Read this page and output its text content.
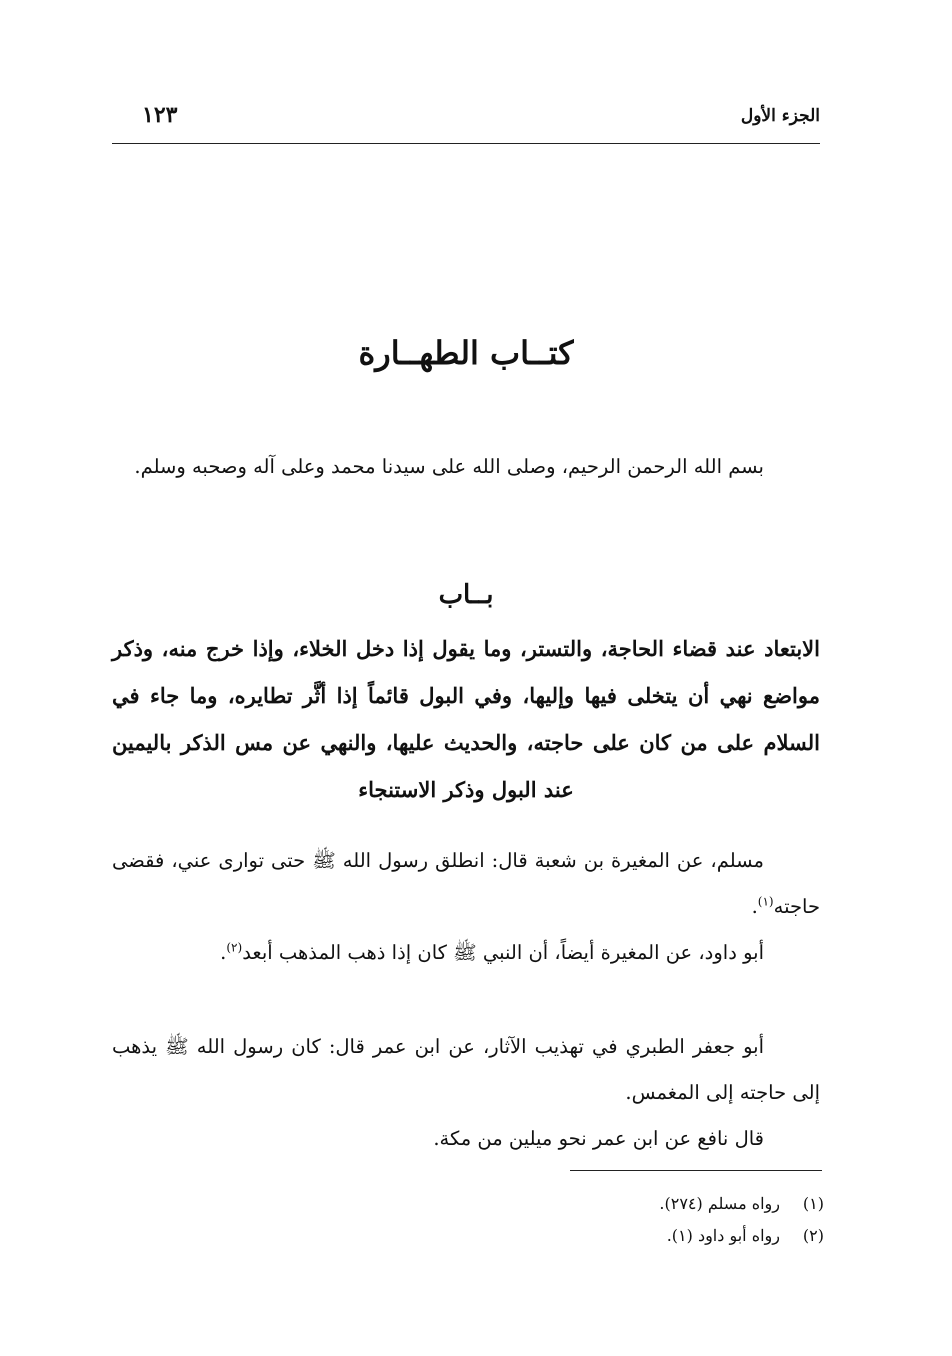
الجزء الأول
١٢٣
كتــاب الطهــارة

بسم الله الرحمن الرحيم، وصلى الله على سيدنا محمد وعلى آله وصحبه وسلم.

بــاب
الابتعاد عند قضاء الحاجة، والتستر، وما يقول إذا دخل الخلاء، وإذا خرج منه، وذكر مواضع نهي أن يتخلى فيها وإليها، وفي البول قائماً إذا أثَّر تطايره، وما جاء في السلام على من كان على حاجته، والحديث عليها، والنهي عن مس الذكر باليمين عند البول وذكر الاستنجاء

مسلم، عن المغيرة بن شعبة قال: انطلق رسول الله ﷺ حتى توارى عني، فقضى حاجته$^{(١)}$.

أبو داود، عن المغيرة أيضاً، أن النبي ﷺ كان إذا ذهب المذهب أبعد$^{(٢)}$.

أبو جعفر الطبري في تهذيب الآثار، عن ابن عمر قال: كان رسول الله ﷺ يذهب إلى حاجته إلى المغمس.

قال نافع عن ابن عمر نحو ميلين من مكة.

(١)
رواه مسلم (٢٧٤).
(٢)
رواه أبو داود (١).
